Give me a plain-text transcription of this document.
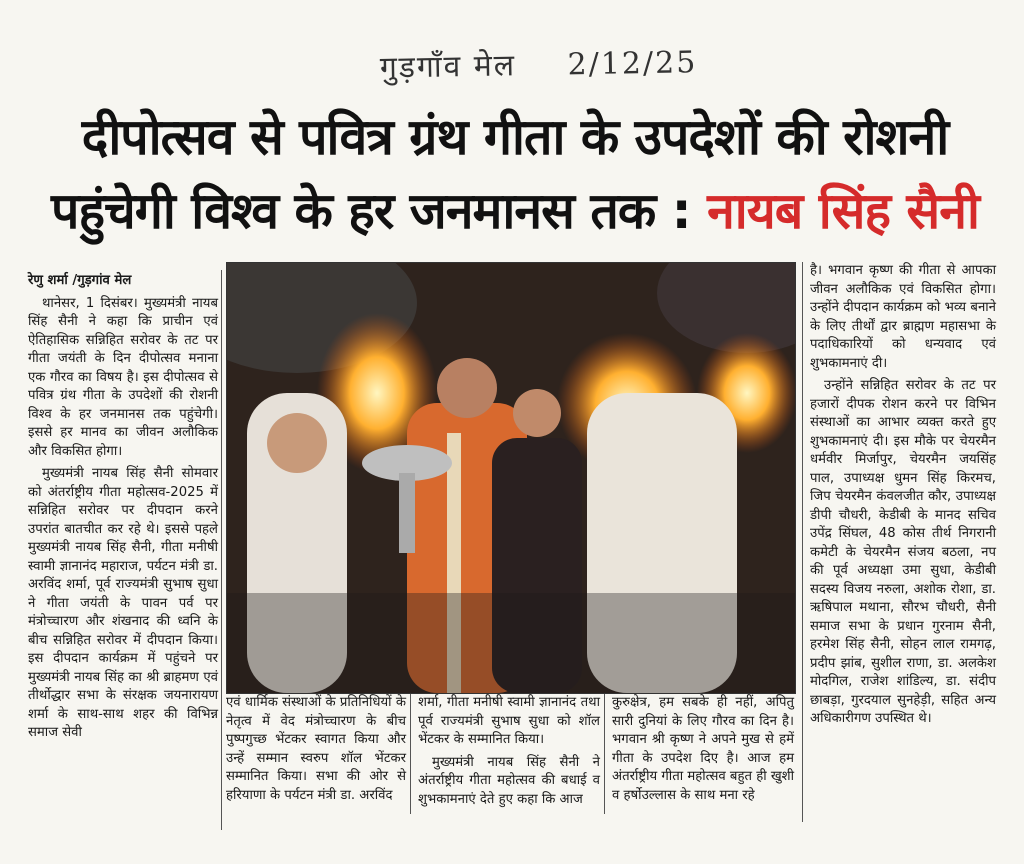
गुड़गाँव मेल 2/12/25
दीपोत्सव से पवित्र ग्रंथ गीता के उपदेशों की रोशनी
पहुंचेगी विश्व के हर जनमानस तक : नायब सिंह सैनी

रेणु शर्मा /गुड़गांव मेल

थानेसर, 1 दिसंबर। मुख्यमंत्री नायब सिंह सैनी ने कहा कि प्राचीन एवं ऐतिहासिक सन्निहित सरोवर के तट पर गीता जयंती के दिन दीपोत्सव मनाना एक गौरव का विषय है। इस दीपोत्सव से पवित्र ग्रंथ गीता के उपदेशों की रोशनी विश्व के हर जनमानस तक पहुंचेगी। इससे हर मानव का जीवन अलौकिक और विकसित होगा।

मुख्यमंत्री नायब सिंह सैनी सोमवार को अंतर्राष्ट्रीय गीता महोत्सव-2025 में सन्निहित सरोवर पर दीपदान करने उपरांत बातचीत कर रहे थे। इससे पहले मुख्यमंत्री नायब सिंह सैनी, गीता मनीषी स्वामी ज्ञानानंद महाराज, पर्यटन मंत्री डा. अरविंद शर्मा, पूर्व राज्यमंत्री सुभाष सुधा ने गीता जयंती के पावन पर्व पर मंत्रोच्चारण और शंखनाद की ध्वनि के बीच सन्निहित सरोवर में दीपदान किया। इस दीपदान कार्यक्रम में पहुंचने पर मुख्यमंत्री नायब सिंह का श्री ब्राहमण एवं तीर्थोद्धार सभा के संरक्षक जयनारायण शर्मा के साथ-साथ शहर की विभिन्न समाज सेवी

एवं धार्मिक संस्थाओं के प्रतिनिधियों के नेतृत्व में वेद मंत्रोच्चारण के बीच पुष्पगुच्छ भेंटकर स्वागत किया और उन्हें सम्मान स्वरुप शॉल भेंटकर सम्मानित किया। सभा की ओर से हरियाणा के पर्यटन मंत्री डा. अरविंद

शर्मा, गीता मनीषी स्वामी ज्ञानानंद तथा पूर्व राज्यमंत्री सुभाष सुधा को शॉल भेंटकर के सम्मानित किया।

मुख्यमंत्री नायब सिंह सैनी ने अंतर्राष्ट्रीय गीता महोत्सव की बधाई व शुभकामनाएं देते हुए कहा कि आज

कुरुक्षेत्र, हम सबके ही नहीं, अपितु सारी दुनियां के लिए गौरव का दिन है। भगवान श्री कृष्ण ने अपने मुख से हमें गीता के उपदेश दिए है। आज हम अंतर्राष्ट्रीय गीता महोत्सव बहुत ही खुशी व हर्षोउल्लास के साथ मना रहे

है। भगवान कृष्ण की गीता से आपका जीवन अलौकिक एवं विकसित होगा। उन्होंने दीपदान कार्यक्रम को भव्य बनाने के लिए तीर्थों द्वार ब्राह्मण महासभा के पदाधिकारियों को धन्यवाद एवं शुभकामनाएं दी।

उन्होंने सन्निहित सरोवर के तट पर हजारों दीपक रोशन करने पर विभिन संस्थाओं का आभार व्यक्त करते हुए शुभकामनाएं दी। इस मौके पर चेयरमैन धर्मवीर मिर्जापुर, चेयरमैन जयसिंह पाल, उपाध्यक्ष धुमन सिंह किरमच, जिप चेयरमैन कंवलजीत कौर, उपाध्यक्ष डीपी चौधरी, केडीबी के मानद सचिव उपेंद्र सिंघल, 48 कोस तीर्थ निगरानी कमेटी के चेयरमैन संजय बठला, नप की पूर्व अध्यक्षा उमा सुधा, केडीबी सदस्य विजय नरुला, अशोक रोशा, डा. ऋषिपाल मथाना, सौरभ चौधरी, सैनी समाज सभा के प्रधान गुरनाम सैनी, हरमेश सिंह सैनी, सोहन लाल रामगढ़, प्रदीप झांब, सुशील राणा, डा. अलकेश मोदगिल, राजेश शांडिल्य, डा. संदीप छाबड़ा, गुरदयाल सुनहेड़ी, सहित अन्य अधिकारीगण उपस्थित थे।
